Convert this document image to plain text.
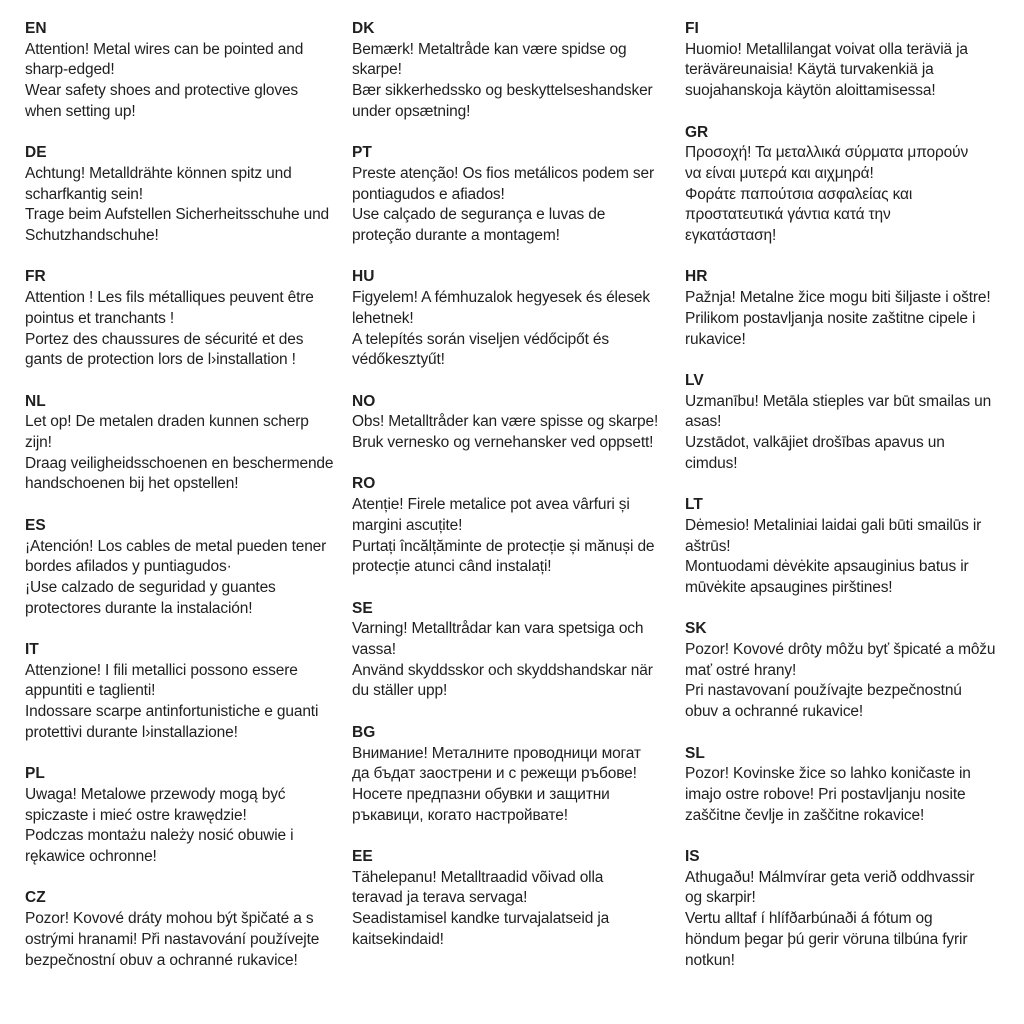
EN
Attention! Metal wires can be pointed and
sharp-edged!
Wear safety shoes and protective gloves
when setting up!
DE
Achtung! Metalldrähte können spitz und
scharfkantig sein!
Trage beim Aufstellen Sicherheitsschuhe und
Schutzhandschuhe!
FR
Attention ! Les fils métalliques peuvent être
pointus et tranchants !
Portez des chaussures de sécurité et des
gants de protection lors de l›installation !
NL
Let op! De metalen draden kunnen scherp
zijn!
Draag veiligheidsschoenen en beschermende
handschoenen bij het opstellen!
ES
¡Atención! Los cables de metal pueden tener
bordes afilados y puntiagudos·
¡Use calzado de seguridad y guantes
protectores durante la instalación!
IT
Attenzione! I fili metallici possono essere
appuntiti e taglienti!
Indossare scarpe antinfortunistiche e guanti
protettivi durante l›installazione!
PL
Uwaga! Metalowe przewody mogą być
spiczaste i mieć ostre krawędzie!
Podczas montażu należy nosić obuwie i
rękawice ochronne!
CZ
Pozor! Kovové dráty mohou být špičaté a s
ostrými hranami! Při nastavování používejte
bezpečnostní obuv a ochranné rukavice!
DK
Bemærk! Metaltråde kan være spidse og
skarpe!
Bær sikkerhedssko og beskyttelseshandsker
under opsætning!
PT
Preste atenção! Os fios metálicos podem ser
pontiagudos e afiados!
Use calçado de segurança e luvas de
proteção durante a montagem!
HU
Figyelem! A fémhuzalok hegyesek és élesek
lehetnek!
A telepítés során viseljen védőcipőt és
védőkesztyűt!
NO
Obs! Metalltråder kan være spisse og skarpe!
Bruk vernesko og vernehansker ved oppsett!
RO
Atenție! Firele metalice pot avea vârfuri și
margini ascuțite!
Purtați încălțăminte de protecție și mănuși de
protecție atunci când instalați!
SE
Varning! Metalltrådar kan vara spetsiga och
vassa!
Använd skyddsskor och skyddshandskar när
du ställer upp!
BG
Внимание! Металните проводници могат
да бъдат заострени и с режещи ръбове!
Носете предпазни обувки и защитни
ръкавици, когато настройвате!
EE
Tähelepanu! Metalltraadid võivad olla
teravad ja terava servaga!
Seadistamisel kandke turvajalatseid ja
kaitsekindaid!
FI
Huomio! Metallilangat voivat olla teräviä ja
teräväreunaisia! Käytä turvakenkiä ja
suojahanskoja käytön aloittamisessa!
GR
Προσοχή! Τα μεταλλικά σύρματα μπορούν
να είναι μυτερά και αιχμηρά!
Φοράτε παπούτσια ασφαλείας και
προστατευτικά γάντια κατά την
εγκατάσταση!
HR
Pažnja! Metalne žice mogu biti šiljaste i oštre!
Prilikom postavljanja nosite zaštitne cipele i
rukavice!
LV
Uzmanību! Metāla stieples var būt smailas un
asas!
Uzstādot, valkājiet drošības apavus un
cimdus!
LT
Dėmesio! Metaliniai laidai gali būti smailūs ir
aštrūs!
Montuodami dėvėkite apsauginius batus ir
mūvėkite apsaugines pirštines!
SK
Pozor! Kovové drôty môžu byť špicaté a môžu
mať ostré hrany!
Pri nastavovaní používajte bezpečnostnú
obuv a ochranné rukavice!
SL
Pozor! Kovinske žice so lahko koničaste in
imajo ostre robove! Pri postavljanju nosite
zaščitne čevlje in zaščitne rokavice!
IS
Athugaðu! Málmvírar geta verið oddhvassir
og skarpir!
Vertu alltaf í hlífðarbúnaði á fótum og
höndum þegar þú gerir vöruna tilbúna fyrir
notkun!
